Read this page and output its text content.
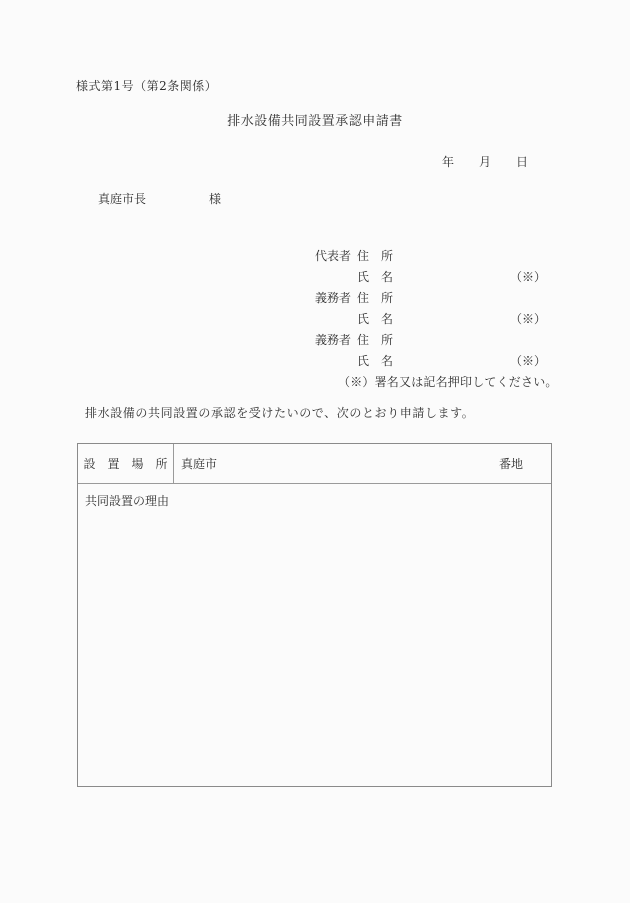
様式第1号（第2条関係）
排水設備共同設置承認申請書
年 月 日
真庭市長	様
代表者 住　所
氏　名	（※）
義務者 住　所
氏　名	（※）
義務者 住　所
氏　名	（※）
（※）署名又は記名押印してください。
排水設備の共同設置の承認を受けたいので、次のとおり申請します。
設　置　場　所 真庭市	番地
共同設置の理由
